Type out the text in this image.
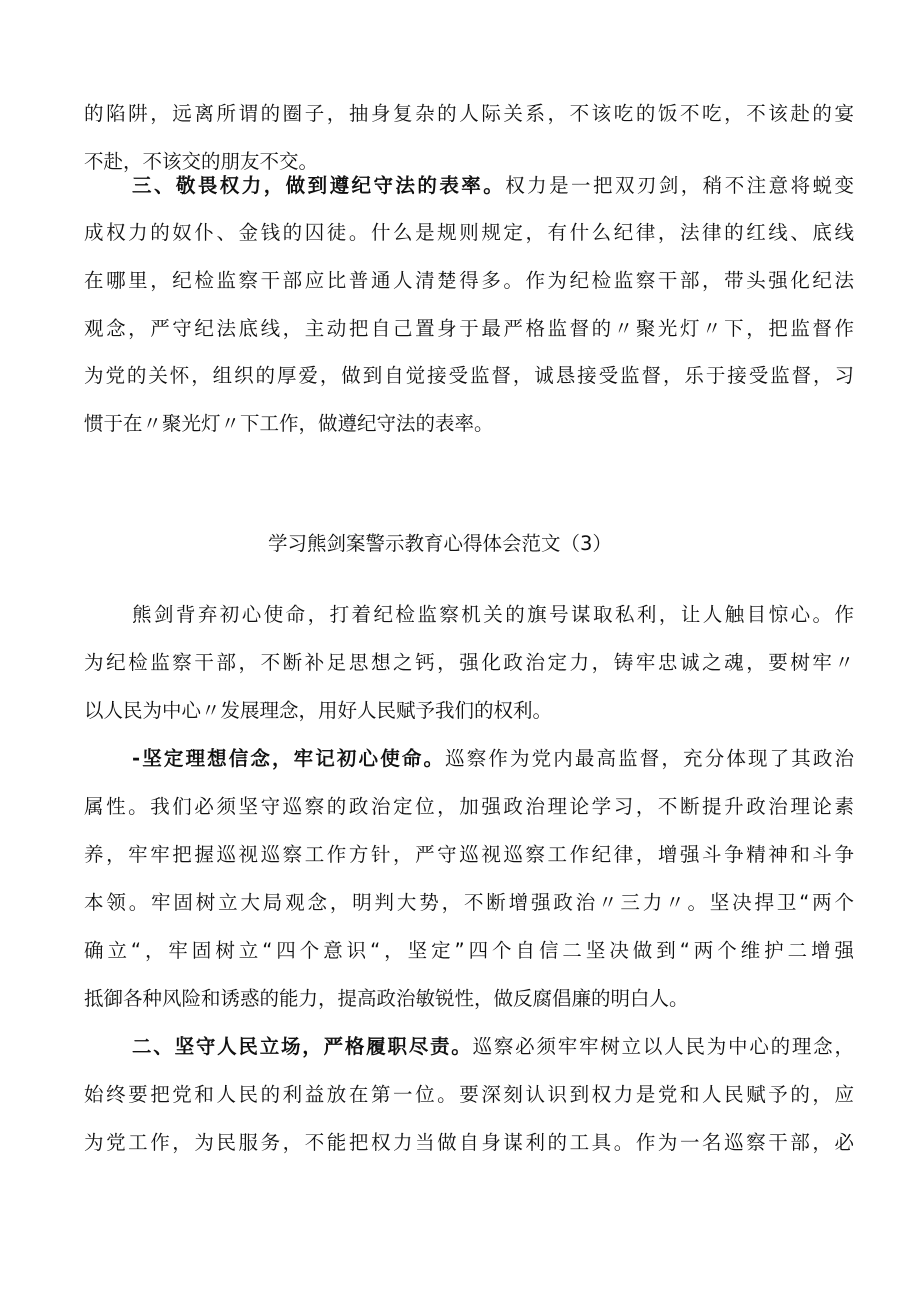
的陷阱，远离所谓的圈子，抽身复杂的人际关系，不该吃的饭不吃，不该赴的宴
不赴，不该交的朋友不交。
三、敬畏权力，做到遵纪守法的表率。权力是一把双刃剑，稍不注意将蜕变
成权力的奴仆、金钱的囚徒。什么是规则规定，有什么纪律，法律的红线、底线
在哪里，纪检监察干部应比普通人清楚得多。作为纪检监察干部，带头强化纪法
观念，严守纪法底线，主动把自己置身于最严格监督的〃聚光灯〃下，把监督作
为党的关怀，组织的厚爱，做到自觉接受监督，诚恳接受监督，乐于接受监督，习
惯于在〃聚光灯〃下工作，做遵纪守法的表率。
学习熊剑案警示教育心得体会范文（3）
熊剑背弃初心使命，打着纪检监察机关的旗号谋取私利，让人触目惊心。作
为纪检监察干部，不断补足思想之钙，强化政治定力，铸牢忠诚之魂，要树牢〃
以人民为中心〃发展理念，用好人民赋予我们的权利。
-坚定理想信念，牢记初心使命。巡察作为党内最高监督，充分体现了其政治
属性。我们必须坚守巡察的政治定位，加强政治理论学习，不断提升政治理论素
养，牢牢把握巡视巡察工作方针，严守巡视巡察工作纪律，增强斗争精神和斗争
本领。牢固树立大局观念，明判大势，不断增强政治〃三力〃。坚决捍卫“两个
确立“，牢固树立“四个意识“，坚定”四个自信二坚决做到“两个维护二增强
抵御各种风险和诱惑的能力，提高政治敏锐性，做反腐倡廉的明白人。
二、坚守人民立场，严格履职尽责。巡察必须牢牢树立以人民为中心的理念，
始终要把党和人民的利益放在第一位。要深刻认识到权力是党和人民赋予的，应
为党工作，为民服务，不能把权力当做自身谋利的工具。作为一名巡察干部，必
